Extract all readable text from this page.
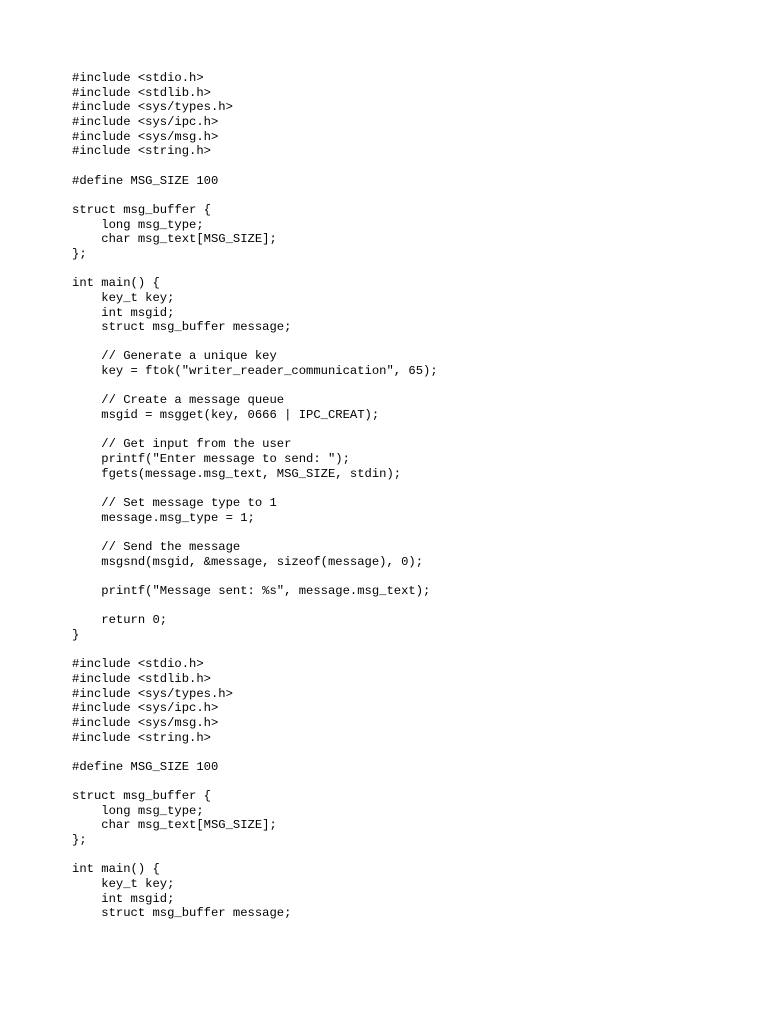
#include <stdio.h>
#include <stdlib.h>
#include <sys/types.h>
#include <sys/ipc.h>
#include <sys/msg.h>
#include <string.h>
#define MSG_SIZE 100
struct msg_buffer {
long msg_type;
char msg_text[MSG_SIZE];
};
int main() {
key_t key;
int msgid;
struct msg_buffer message;
// Generate a unique key
key = ftok("writer_reader_communication", 65);
// Create a message queue
msgid = msgget(key, 0666 | IPC_CREAT);
// Get input from the user
printf("Enter message to send: ");
fgets(message.msg_text, MSG_SIZE, stdin);
// Set message type to 1
message.msg_type = 1;
// Send the message
msgsnd(msgid, &message, sizeof(message), 0);
printf("Message sent: %s", message.msg_text);
return 0;
}
#include <stdio.h>
#include <stdlib.h>
#include <sys/types.h>
#include <sys/ipc.h>
#include <sys/msg.h>
#include <string.h>
#define MSG_SIZE 100
struct msg_buffer {
long msg_type;
char msg_text[MSG_SIZE];
};
int main() {
key_t key;
int msgid;
struct msg_buffer message;
